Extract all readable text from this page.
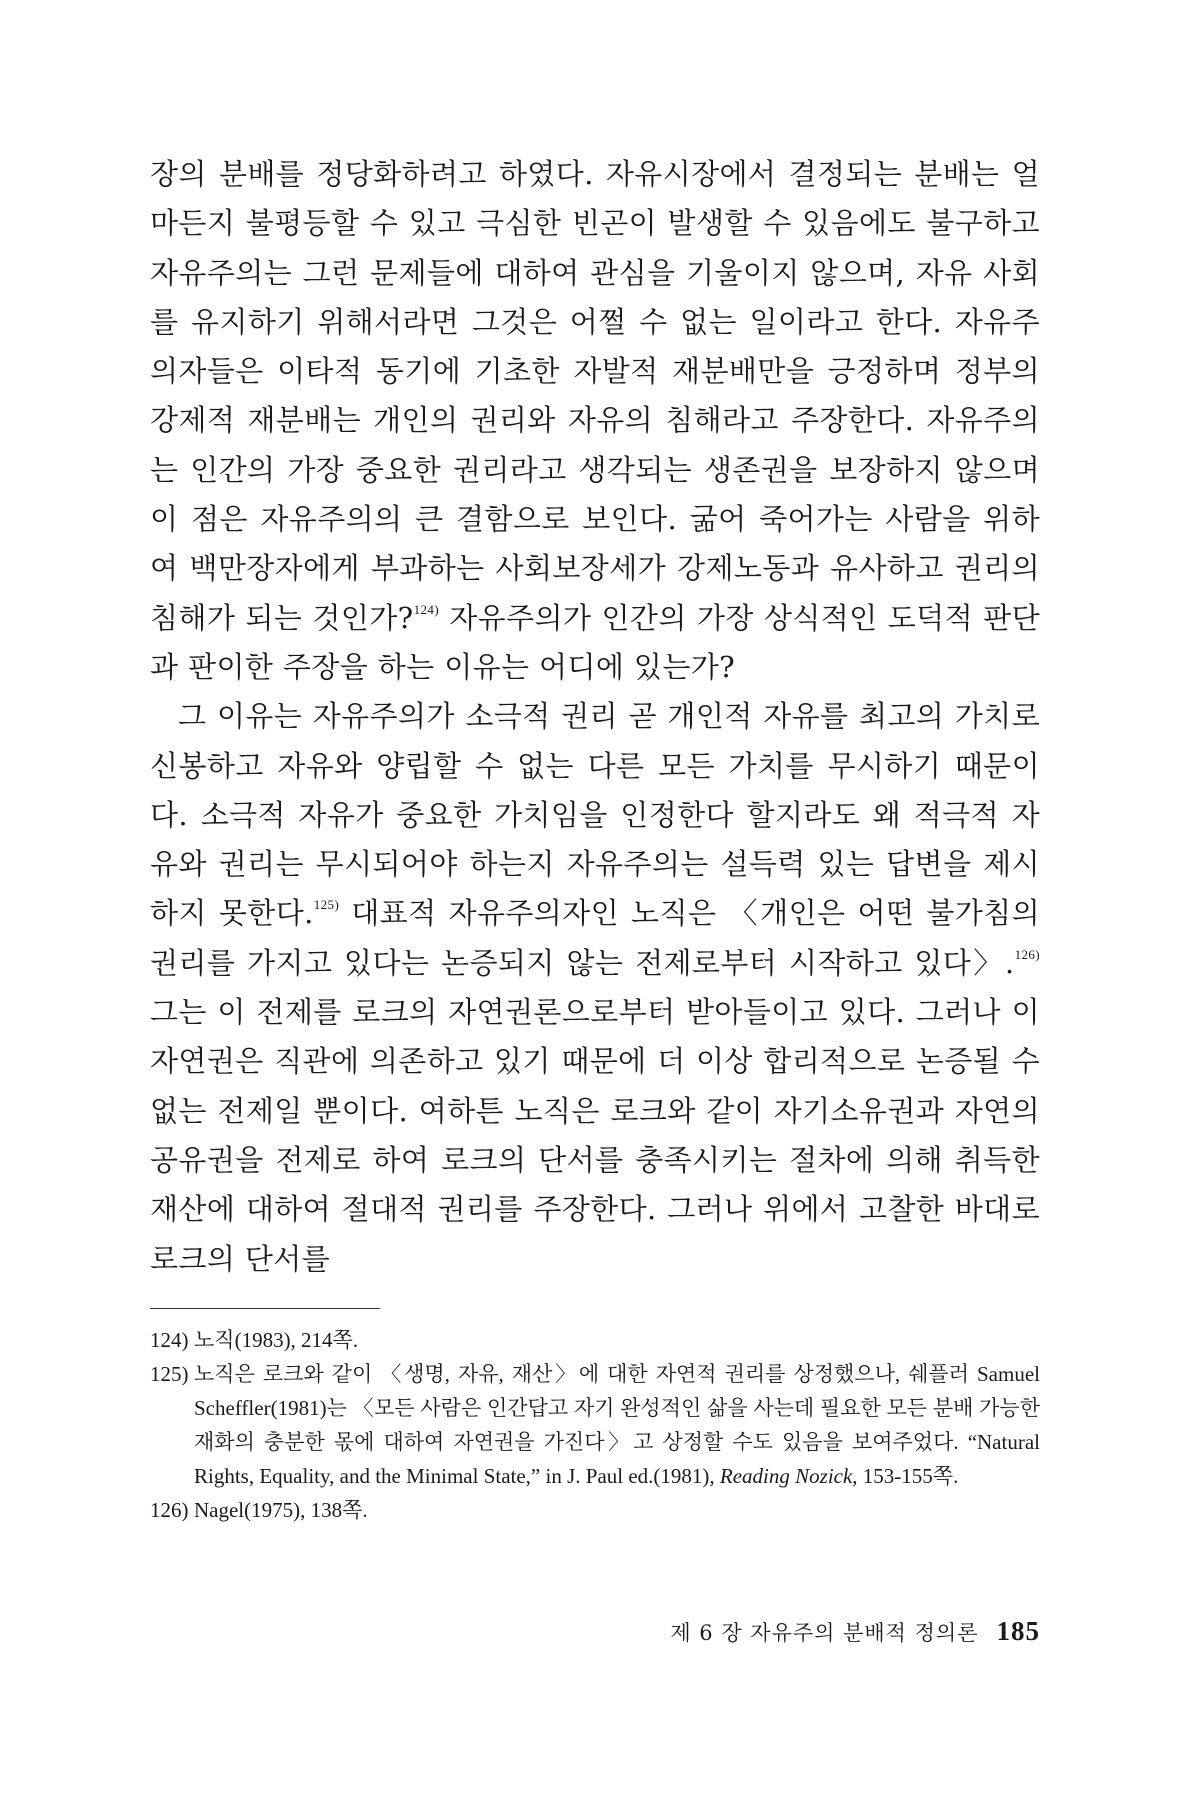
장의 분배를 정당화하려고 하였다. 자유시장에서 결정되는 분배는 얼마든지 불평등할 수 있고 극심한 빈곤이 발생할 수 있음에도 불구하고 자유주의는 그런 문제들에 대하여 관심을 기울이지 않으며, 자유 사회를 유지하기 위해서라면 그것은 어쩔 수 없는 일이라고 한다. 자유주의자들은 이타적 동기에 기초한 자발적 재분배만을 긍정하며 정부의 강제적 재분배는 개인의 권리와 자유의 침해라고 주장한다. 자유주의는 인간의 가장 중요한 권리라고 생각되는 생존권을 보장하지 않으며 이 점은 자유주의의 큰 결함으로 보인다. 굶어 죽어가는 사람을 위하여 백만장자에게 부과하는 사회보장세가 강제노동과 유사하고 권리의 침해가 되는 것인가?$^{124)}$ 자유주의가 인간의 가장 상식적인 도덕적 판단과 판이한 주장을 하는 이유는 어디에 있는가?

그 이유는 자유주의가 소극적 권리 곧 개인적 자유를 최고의 가치로 신봉하고 자유와 양립할 수 없는 다른 모든 가치를 무시하기 때문이다. 소극적 자유가 중요한 가치임을 인정한다 할지라도 왜 적극적 자유와 권리는 무시되어야 하는지 자유주의는 설득력 있는 답변을 제시하지 못한다.$^{125)}$ 대표적 자유주의자인 노직은 〈개인은 어떤 불가침의 권리를 가지고 있다는 논증되지 않는 전제로부터 시작하고 있다〉.$^{126)}$ 그는 이 전제를 로크의 자연권론으로부터 받아들이고 있다. 그러나 이 자연권은 직관에 의존하고 있기 때문에 더 이상 합리적으로 논증될 수 없는 전제일 뿐이다. 여하튼 노직은 로크와 같이 자기소유권과 자연의 공유권을 전제로 하여 로크의 단서를 충족시키는 절차에 의해 취득한 재산에 대하여 절대적 권리를 주장한다. 그러나 위에서 고찰한 바대로 로크의 단서를

124) 노직(1983), 214쪽.
125) 노직은 로크와 같이 〈생명, 자유, 재산〉에 대한 자연적 권리를 상정했으나, 쉐플러 Samuel Scheffler(1981)는 〈모든 사람은 인간답고 자기 완성적인 삶을 사는데 필요한 모든 분배 가능한 재화의 충분한 몫에 대하여 자연권을 가진다〉고 상정할 수도 있음을 보여주었다. “Natural Rights, Equality, and the Minimal State,” in J. Paul ed.(1981), Reading Nozick, 153-155쪽.
126) Nagel(1975), 138쪽.
제 6 장 자유주의 분배적 정의론 185
